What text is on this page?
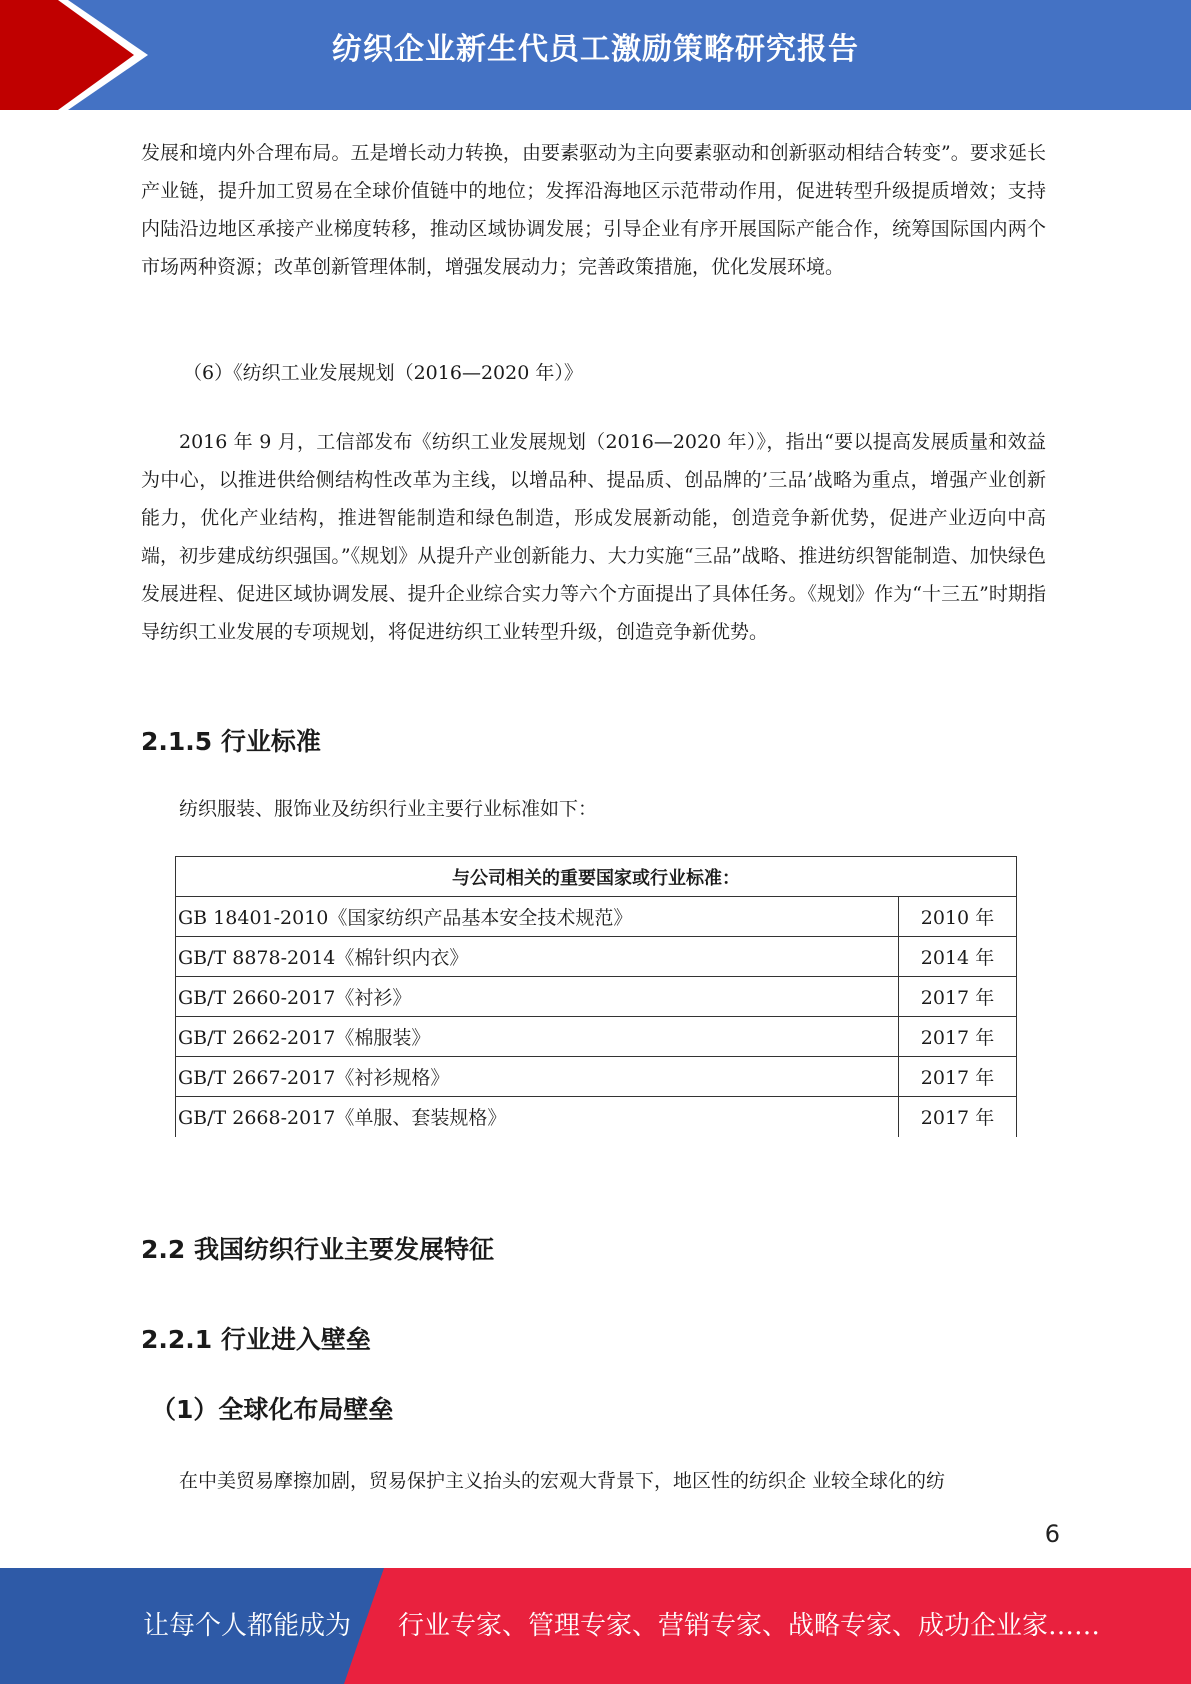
纺织企业新生代员工激励策略研究报告

发展和境内外合理布局。五是增长动力转换，由要素驱动为主向要素驱动和创新驱动相结合转变”。要求延长产业链，提升加工贸易在全球价值链中的地位；发挥沿海地区示范带动作用，促进转型升级提质增效；支持内陆沿边地区承接产业梯度转移，推动区域协调发展；引导企业有序开展国际产能合作，统筹国际国内两个市场两种资源；改革创新管理体制，增强发展动力；完善政策措施，优化发展环境。

（6）《纺织工业发展规划（2016—2020 年）》

2016 年 9 月，工信部发布《纺织工业发展规划（2016—2020 年）》，指出“要以提高发展质量和效益为中心，以推进供给侧结构性改革为主线，以增品种、提品质、创品牌的’三品’战略为重点，增强产业创新能力，优化产业结构，推进智能制造和绿色制造，形成发展新动能，创造竞争新优势，促进产业迈向中高端，初步建成纺织强国。”《规划》从提升产业创新能力、大力实施“三品”战略、推进纺织智能制造、加快绿色发展进程、促进区域协调发展、提升企业综合实力等六个方面提出了具体任务。《规划》作为“十三五”时期指导纺织工业发展的专项规划，将促进纺织工业转型升级，创造竞争新优势。

2.1.5 行业标准

纺织服装、服饰业及纺织行业主要行业标准如下：

与公司相关的重要国家或行业标准：	
GB 18401-2010《国家纺织产品基本安全技术规范》	2010 年
GB/T 8878-2014《棉针织内衣》	2014 年
GB/T 2660-2017《衬衫》	2017 年
GB/T 2662-2017《棉服装》	2017 年
GB/T 2667-2017《衬衫规格》	2017 年
GB/T 2668-2017《单服、套装规格》	2017 年
2.2 我国纺织行业主要发展特征
2.2.1 行业进入壁垒
（1）全球化布局壁垒

在中美贸易摩擦加剧，贸易保护主义抬头的宏观大背景下，地区性的纺织企 业较全球化的纺

6
让每个人都能成为 行业专家、管理专家、营销专家、战略专家、成功企业家……
